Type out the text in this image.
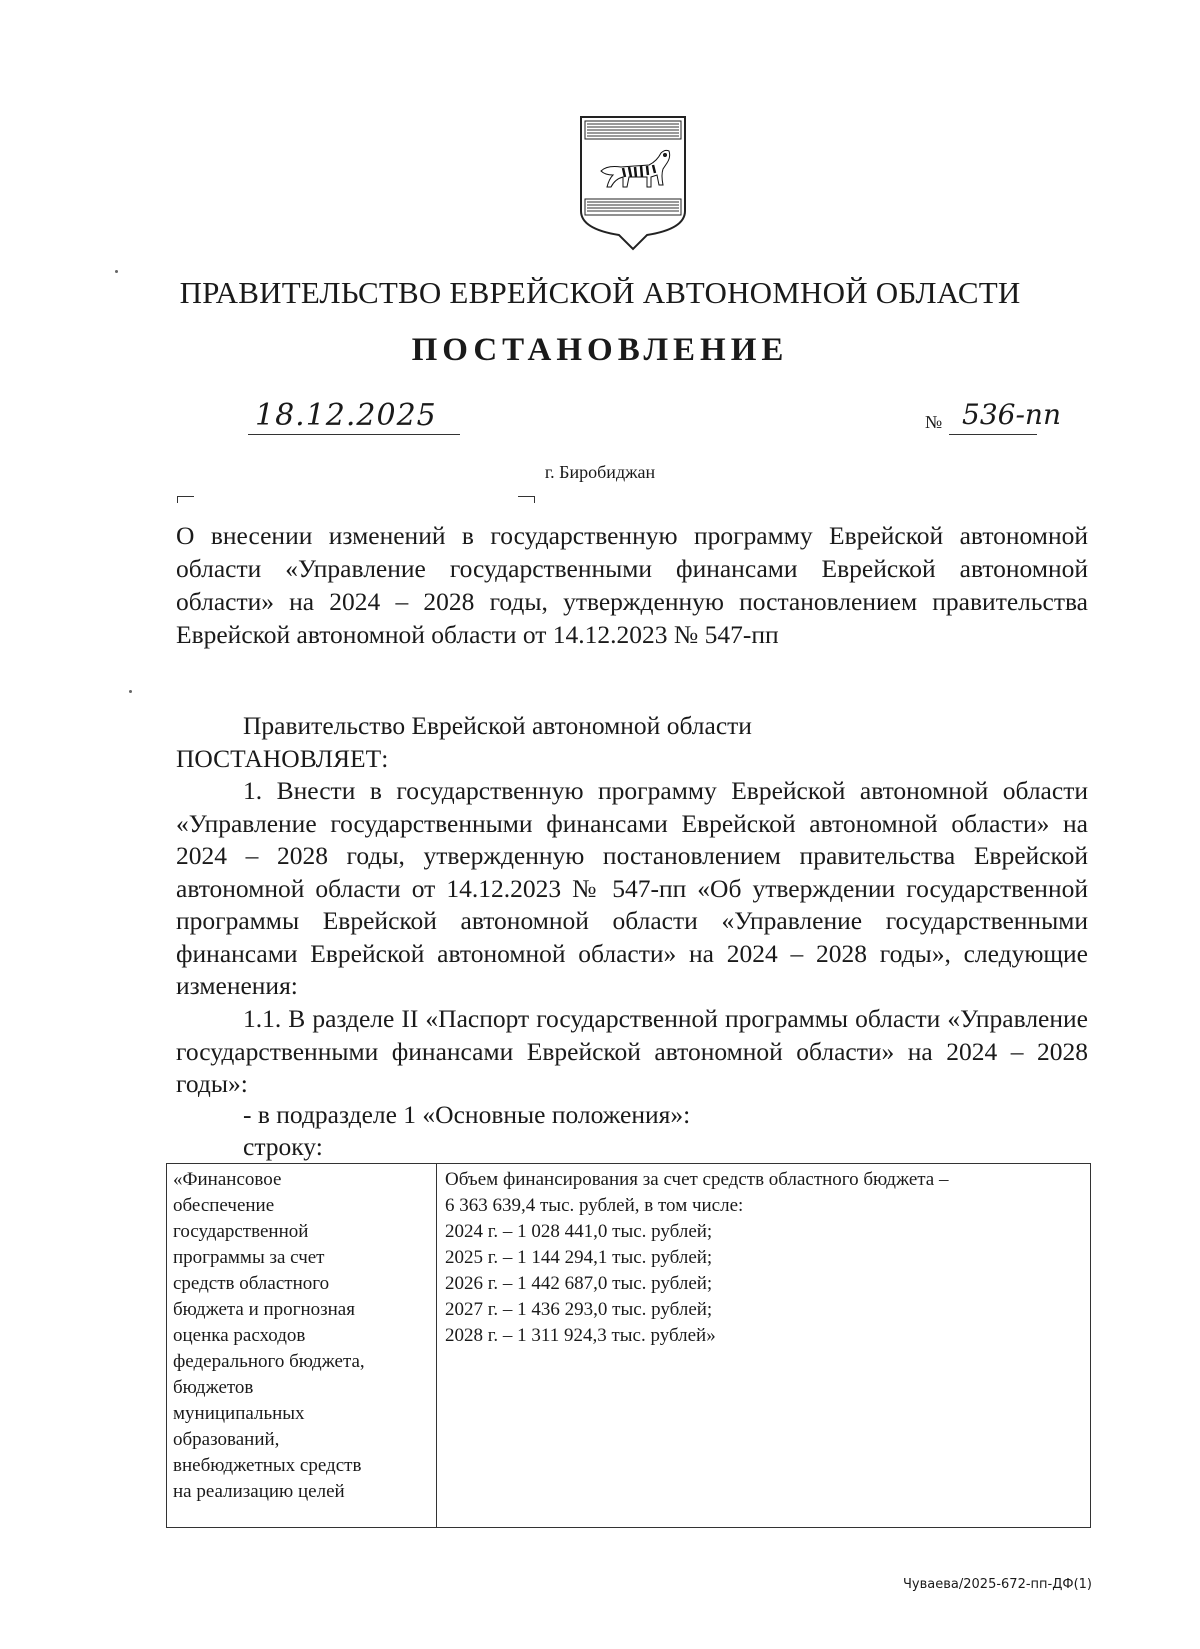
ПРАВИТЕЛЬСТВО ЕВРЕЙСКОЙ АВТОНОМНОЙ ОБЛАСТИ
ПОСТАНОВЛЕНИЕ
18.12.2025	№ 536-пп
г. Биробиджан
О внесении изменений в государственную программу Еврейской автономной области «Управление государственными финансами Еврейской автономной области» на 2024 – 2028 годы, утвержденную постановлением правительства Еврейской автономной области от 14.12.2023 № 547-пп
Правительство Еврейской автономной области
ПОСТАНОВЛЯЕТ:
1. Внести в государственную программу Еврейской автономной области «Управление государственными финансами Еврейской автономной области» на 2024 – 2028 годы, утвержденную постановлением правительства Еврейской автономной области от 14.12.2023 № 547-пп «Об утверждении государственной программы Еврейской автономной области «Управление государственными финансами Еврейской автономной области» на 2024 – 2028 годы», следующие изменения:
1.1. В разделе II «Паспорт государственной программы области «Управление государственными финансами Еврейской автономной области» на 2024 – 2028 годы»:
- в подразделе 1 «Основные положения»:
строку:
«Финансовое
обеспечение
государственной
программы за счет
средств областного
бюджета и прогнозная
оценка расходов
федерального бюджета,
бюджетов
муниципальных
образований,
внебюджетных средств
на реализацию целей
Объем финансирования за счет средств областного бюджета –
6 363 639,4 тыс. рублей, в том числе:
2024 г. – 1 028 441,0 тыс. рублей;
2025 г. – 1 144 294,1 тыс. рублей;
2026 г. – 1 442 687,0 тыс. рублей;
2027 г. – 1 436 293,0 тыс. рублей;
2028 г. – 1 311 924,3 тыс. рублей»
Чуваева/2025-672-пп-ДФ(1)
